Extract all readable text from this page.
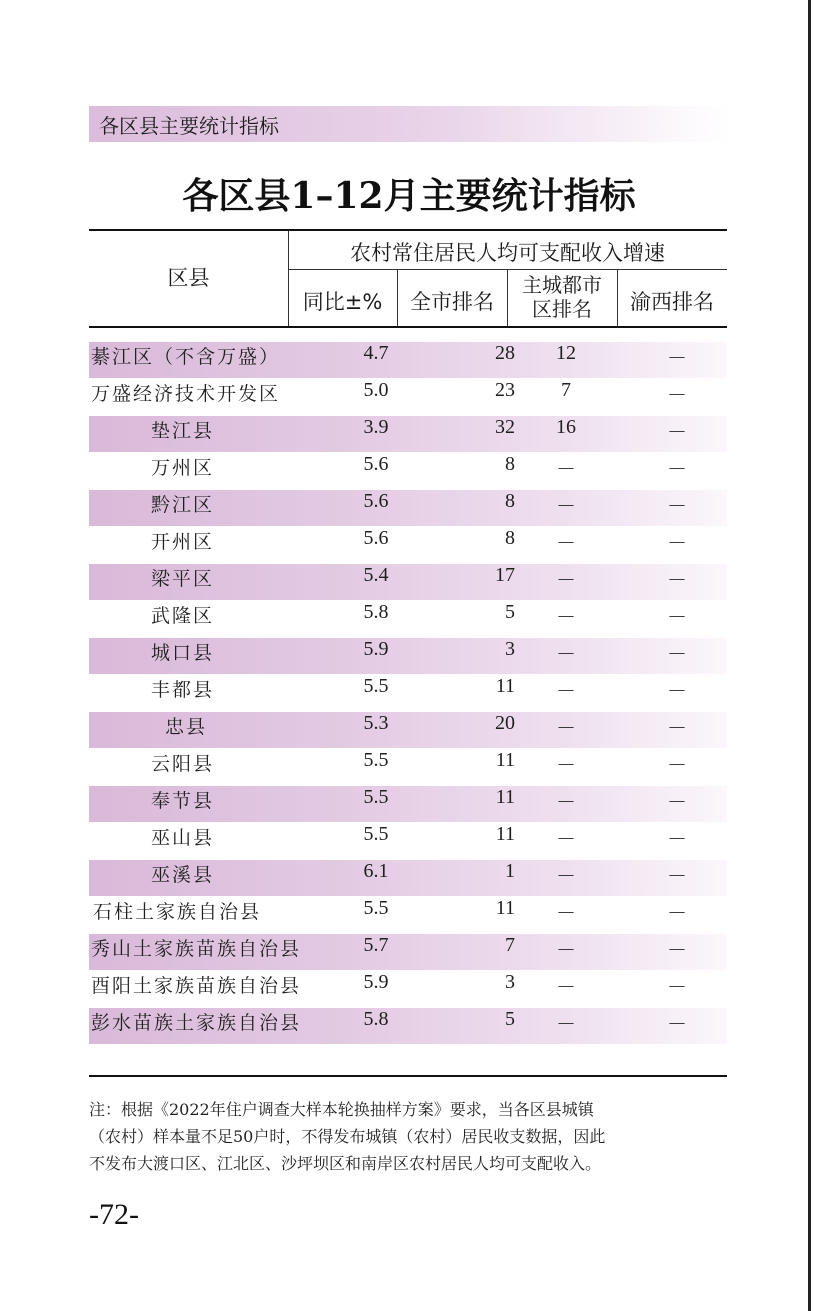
各区县主要统计指标
各区县1–12月主要统计指标
区县
农村常住居民人均可支配收入增速
同比±%	全市排名
主城都市
区排名	渝西排名
綦江区（不含万盛）	4.7	28	12	－
万盛经济技术开发区	5.0	23	7	－
垫江县	3.9	32	16	－
万州区	5.6	8	－	－
黔江区	5.6	8	－	－
开州区	5.6	8	－	－
梁平区	5.4	17	－	－
武隆区	5.8	5	－	－
城口县	5.9	3	－	－
丰都县	5.5	11	－	－
忠县	5.3	20	－	－
云阳县	5.5	11	－	－
奉节县	5.5	11	－	－
巫山县	5.5	11	－	－
巫溪县	6.1	1	－	－
石柱土家族自治县	5.5	11	－	－
秀山土家族苗族自治县	5.7	7	－	－
酉阳土家族苗族自治县	5.9	3	－	－
彭水苗族土家族自治县	5.8	5	－	－
注：根据《2022年住户调查大样本轮换抽样方案》要求，当各区县城镇
（农村）样本量不足50户时，不得发布城镇（农村）居民收支数据，因此
不发布大渡口区、江北区、沙坪坝区和南岸区农村居民人均可支配收入。
-72-
